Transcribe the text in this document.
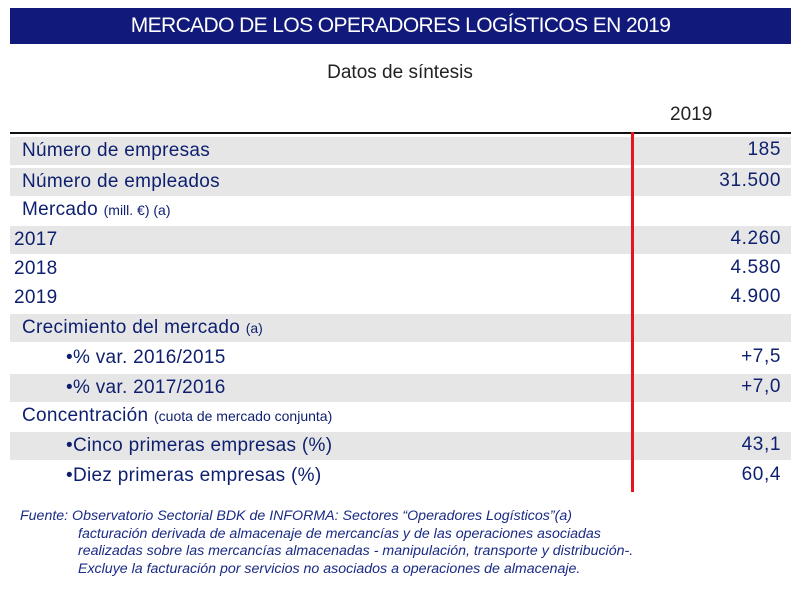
MERCADO DE LOS OPERADORES LOGÍSTICOS EN 2019
Datos de síntesis
2019
Número de empresas	185
Número de empleados	31.500
Mercado (mill. €) (a)
2017	4.260
2018	4.580
2019	4.900
Crecimiento del mercado (a)
•% var. 2016/2015	+7,5
•% var. 2017/2016	+7,0
Concentración (cuota de mercado conjunta)
•Cinco primeras empresas (%)	43,1
•Diez primeras empresas (%)	60,4
Fuente: Observatorio Sectorial BDK de INFORMA: Sectores “Operadores Logísticos”(a)
facturación derivada de almacenaje de mercancías y de las operaciones asociadas
realizadas sobre las mercancías almacenadas - manipulación, transporte y distribución-.
Excluye la facturación por servicios no asociados a operaciones de almacenaje.
